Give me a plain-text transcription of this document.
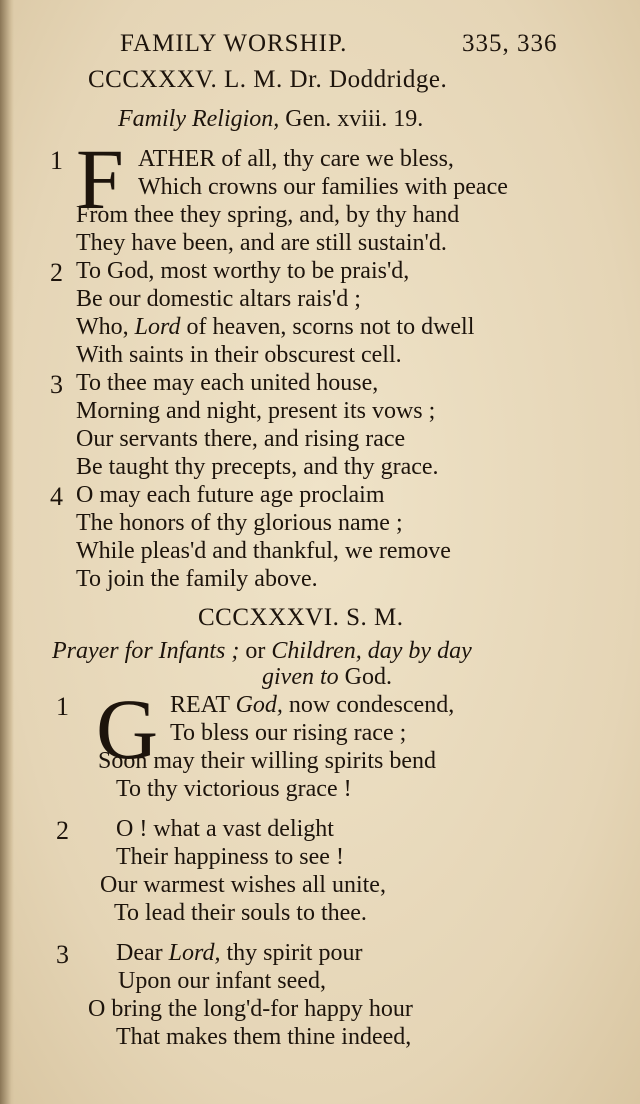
FAMILY WORSHIP.	335, 336
CCCXXXV. L. M. Dr. Doddridge.
Family Religion, Gen. xviii. 19.
F
1	ATHER of all, thy care we bless,
Which crowns our families with peace
From thee they spring, and, by thy hand
They have been, and are still sustain'd.
2 To God, most worthy to be prais'd,
Be our domestic altars rais'd ;
Who, Lord of heaven, scorns not to dwell
With saints in their obscurest cell.
3 To thee may each united house,
Morning and night, present its vows ;
Our servants there, and rising race
Be taught thy precepts, and thy grace.
4 O may each future age proclaim
The honors of thy glorious name ;
While pleas'd and thankful, we remove
To join the family above.
CCCXXXVI. S. M.
Prayer for Infants ; or Children, day by day
given to God.
G
1	REAT God, now condescend,
To bless our rising race ;
Soon may their willing spirits bend
To thy victorious grace !
2 O ! what a vast delight
Their happiness to see !
Our warmest wishes all unite,
To lead their souls to thee.
3 Dear Lord, thy spirit pour
Upon our infant seed,
O bring the long'd-for happy hour
That makes them thine indeed,
